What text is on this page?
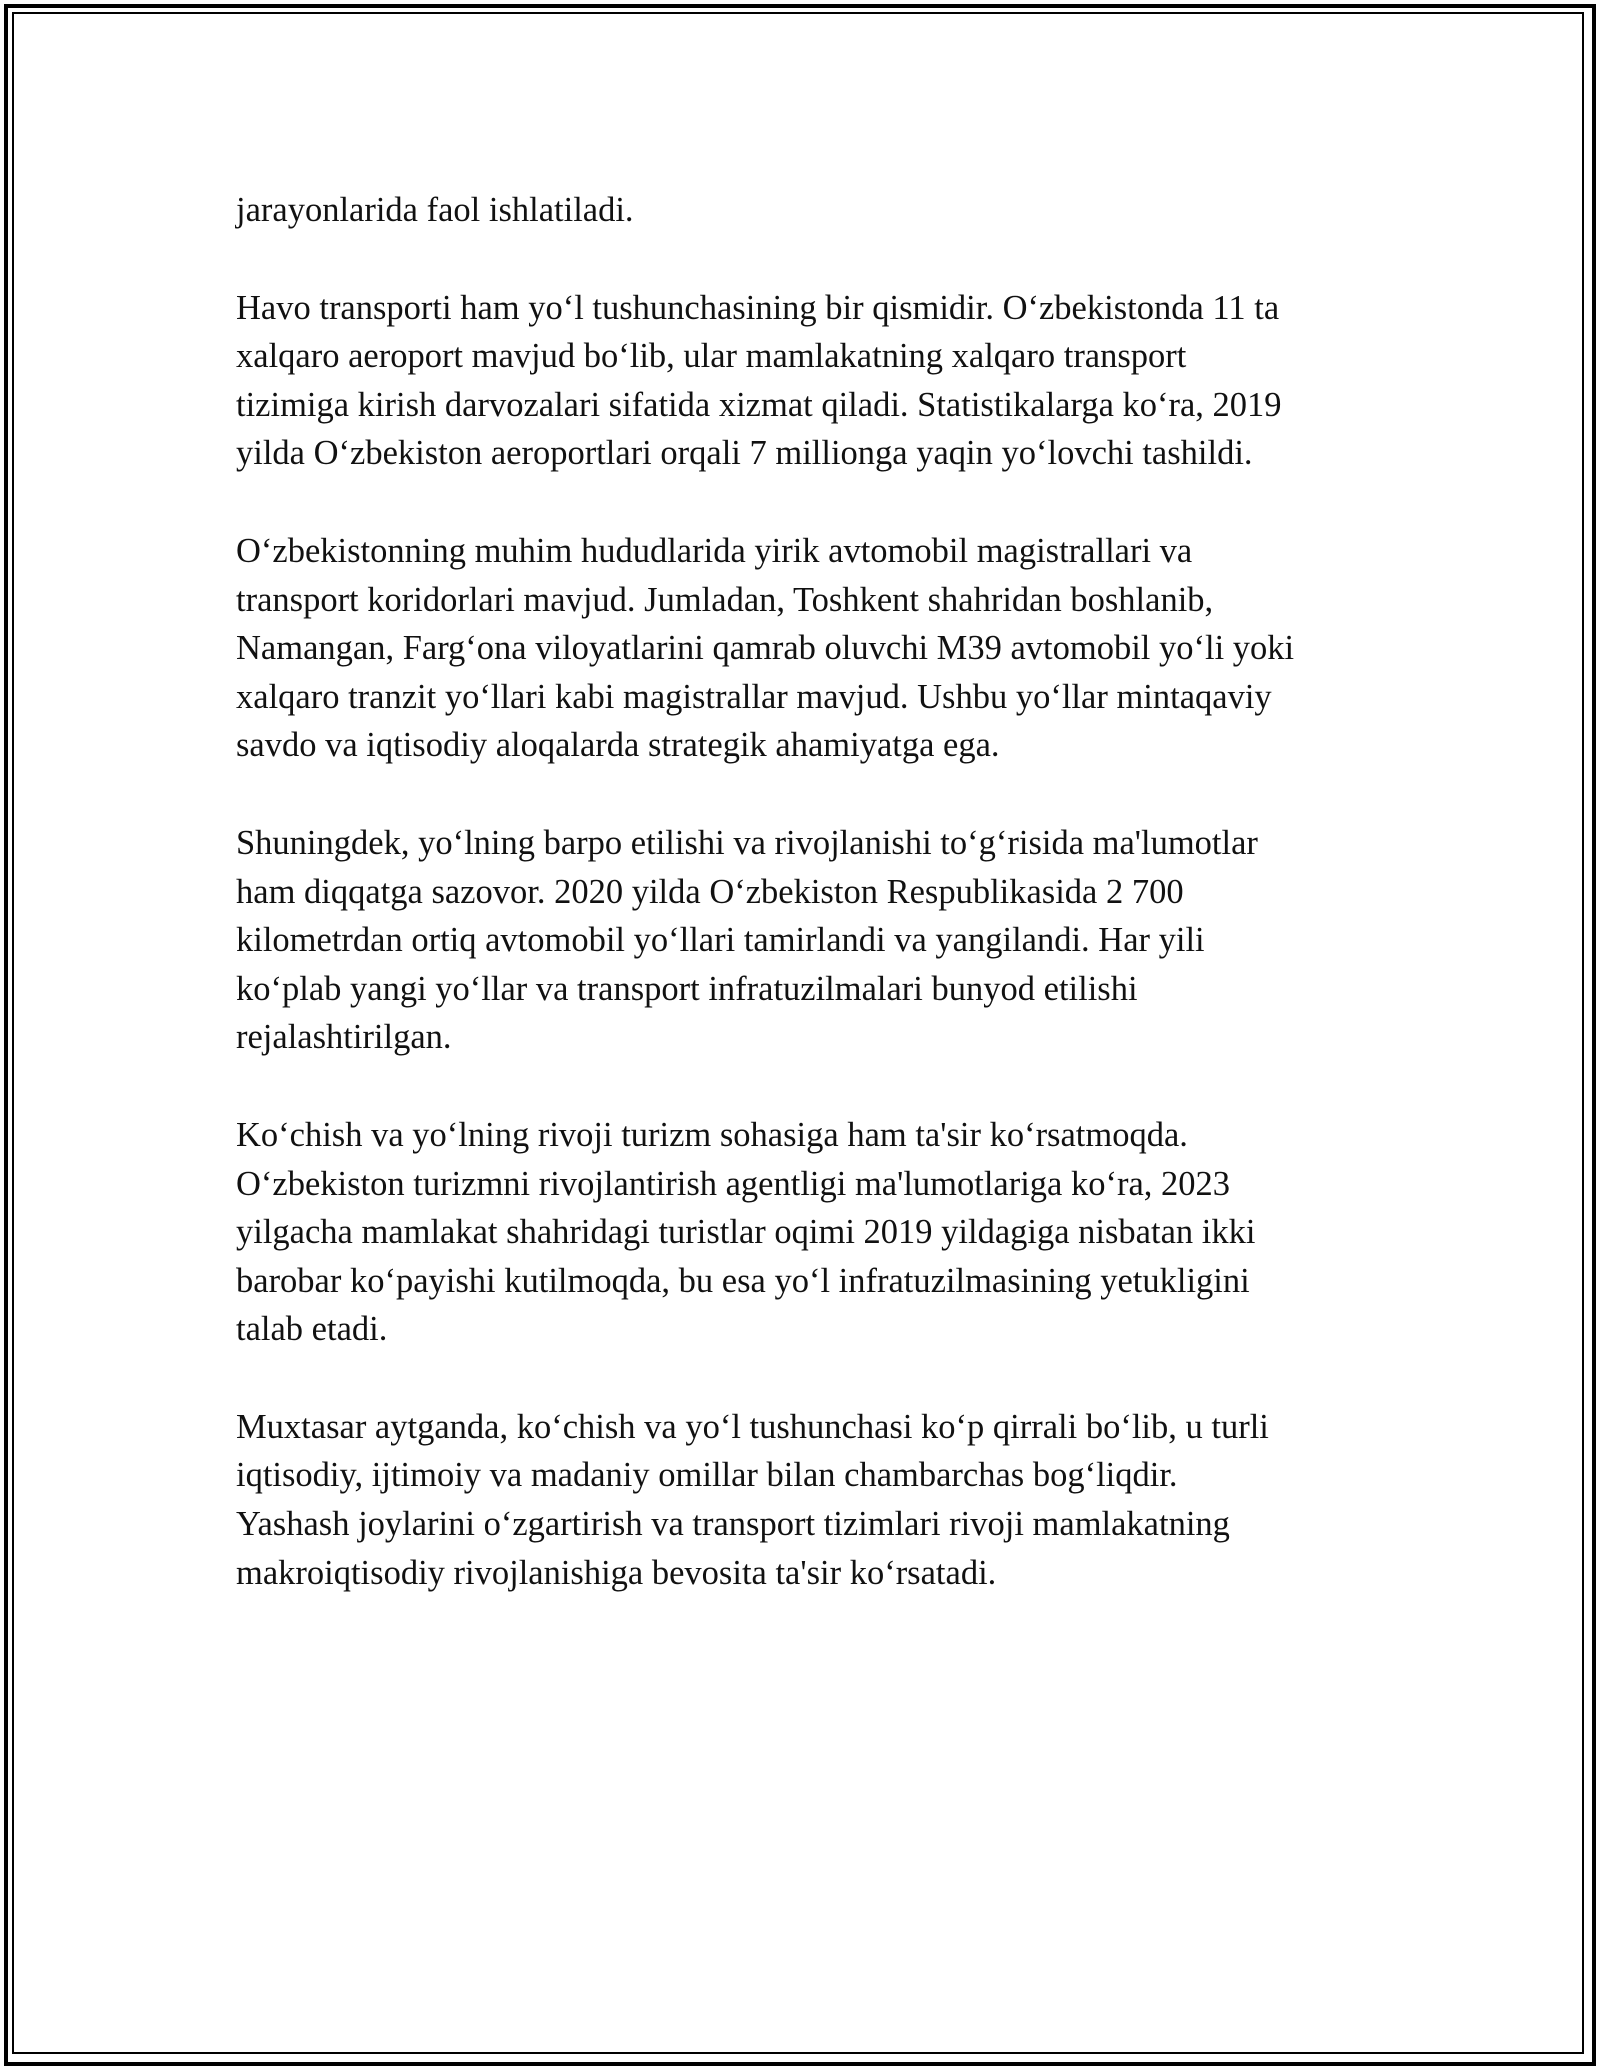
jarayonlarida faol ishlatiladi.

Havo transporti ham yo‘l tushunchasining bir qismidir. O‘zbekistonda 11 ta
xalqaro aeroport mavjud bo‘lib, ular mamlakatning xalqaro transport
tizimiga kirish darvozalari sifatida xizmat qiladi. Statistikalarga ko‘ra, 2019
yilda O‘zbekiston aeroportlari orqali 7 millionga yaqin yo‘lovchi tashildi.

O‘zbekistonning muhim hududlarida yirik avtomobil magistrallari va
transport koridorlari mavjud. Jumladan, Toshkent shahridan boshlanib,
Namangan, Farg‘ona viloyatlarini qamrab oluvchi M39 avtomobil yo‘li yoki
xalqaro tranzit yo‘llari kabi magistrallar mavjud. Ushbu yo‘llar mintaqaviy
savdo va iqtisodiy aloqalarda strategik ahamiyatga ega.

Shuningdek, yo‘lning barpo etilishi va rivojlanishi to‘g‘risida ma'lumotlar
ham diqqatga sazovor. 2020 yilda O‘zbekiston Respublikasida 2 700
kilometrdan ortiq avtomobil yo‘llari tamirlandi va yangilandi. Har yili
ko‘plab yangi yo‘llar va transport infratuzilmalari bunyod etilishi
rejalashtirilgan.

Ko‘chish va yo‘lning rivoji turizm sohasiga ham ta'sir ko‘rsatmoqda.
O‘zbekiston turizmni rivojlantirish agentligi ma'lumotlariga ko‘ra, 2023
yilgacha mamlakat shahridagi turistlar oqimi 2019 yildagiga nisbatan ikki
barobar ko‘payishi kutilmoqda, bu esa yo‘l infratuzilmasining yetukligini
talab etadi.

Muxtasar aytganda, ko‘chish va yo‘l tushunchasi ko‘p qirrali bo‘lib, u turli
iqtisodiy, ijtimoiy va madaniy omillar bilan chambarchas bog‘liqdir.
Yashash joylarini o‘zgartirish va transport tizimlari rivoji mamlakatning
makroiqtisodiy rivojlanishiga bevosita ta'sir ko‘rsatadi.
